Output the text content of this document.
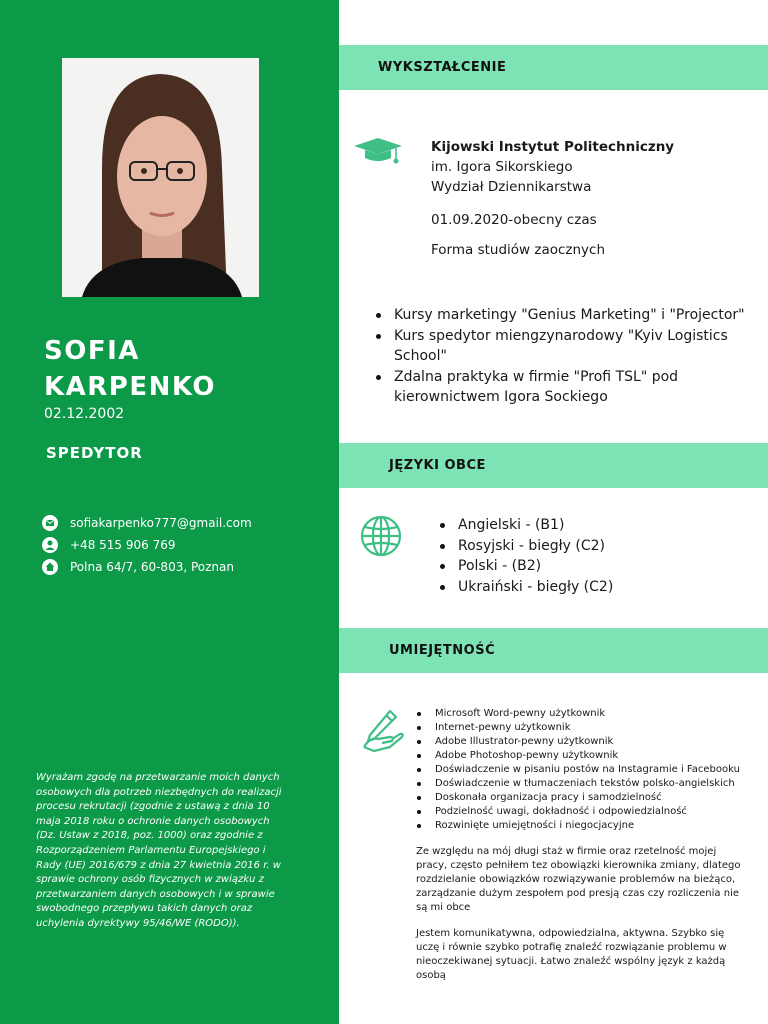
SOFIA
KARPENKO
02.12.2002
SPEDYTOR
sofiakarpenko777@gmail.com
+48 515 906 769
Polna 64/7, 60-803, Poznan
Wyrażam zgodę na przetwarzanie moich danych osobowych dla potrzeb niezbędnych do realizacji procesu rekrutacji (zgodnie z ustawą z dnia 10 maja 2018 roku o ochronie danych osobowych (Dz. Ustaw z 2018, poz. 1000) oraz zgodnie z Rozporządzeniem Parlamentu Europejskiego i Rady (UE) 2016/679 z dnia 27 kwietnia 2016 r. w sprawie ochrony osób fizycznych w związku z przetwarzaniem danych osobowych i w sprawie swobodnego przepływu takich danych oraz uchylenia dyrektywy 95/46/WE (RODO)).
WYKSZTAŁCENIE
Kijowski Instytut Politechniczny
im. Igora Sikorskiego
Wydział Dziennikarstwa
01.09.2020-obecny czas
Forma studiów zaocznych
Kursy marketingy "Genius Marketing" i "Projector"
Kurs spedytor miengzynarodowy "Kyiv Logistics School"
Zdalna praktyka w firmie "Profi TSL" pod kierownictwem Igora Sockiego
JĘZYKI OBCE
Angielski - (B1)
Rosyjski - biegły (C2)
Polski - (B2)
Ukraiński - biegły (C2)
UMIEJĘTNOŚĆ
Microsoft Word-pewny użytkownik
Internet-pewny użytkownik
Adobe Illustrator-pewny użytkownik
Adobe Photoshop-pewny użytkownik
Doświadczenie w pisaniu postów na Instagramie i Facebooku
Doświadczenie w tłumaczeniach tekstów polsko-angielskich
Doskonała organizacja pracy i samodzielność
Podzielność uwagi, dokładność i odpowiedzialność
Rozwinięte umiejętności i niegocjacyjne
Ze względu na mój długi staż w firmie oraz rzetelność mojej pracy, często pełniłem tez obowiązki kierownika zmiany, dlatego rozdzielanie obowiązków rozwiązywanie problemów na bieżąco, zarządzanie dużym zespołem pod presją czas czy rozliczenia nie są mi obce
Jestem komunikatywna, odpowiedzialna, aktywna. Szybko się uczę i równie szybko potrafię znaleźć rozwiązanie problemu w nieoczekiwanej sytuacji. Łatwo znaleźć wspólny język z każdą osobą
